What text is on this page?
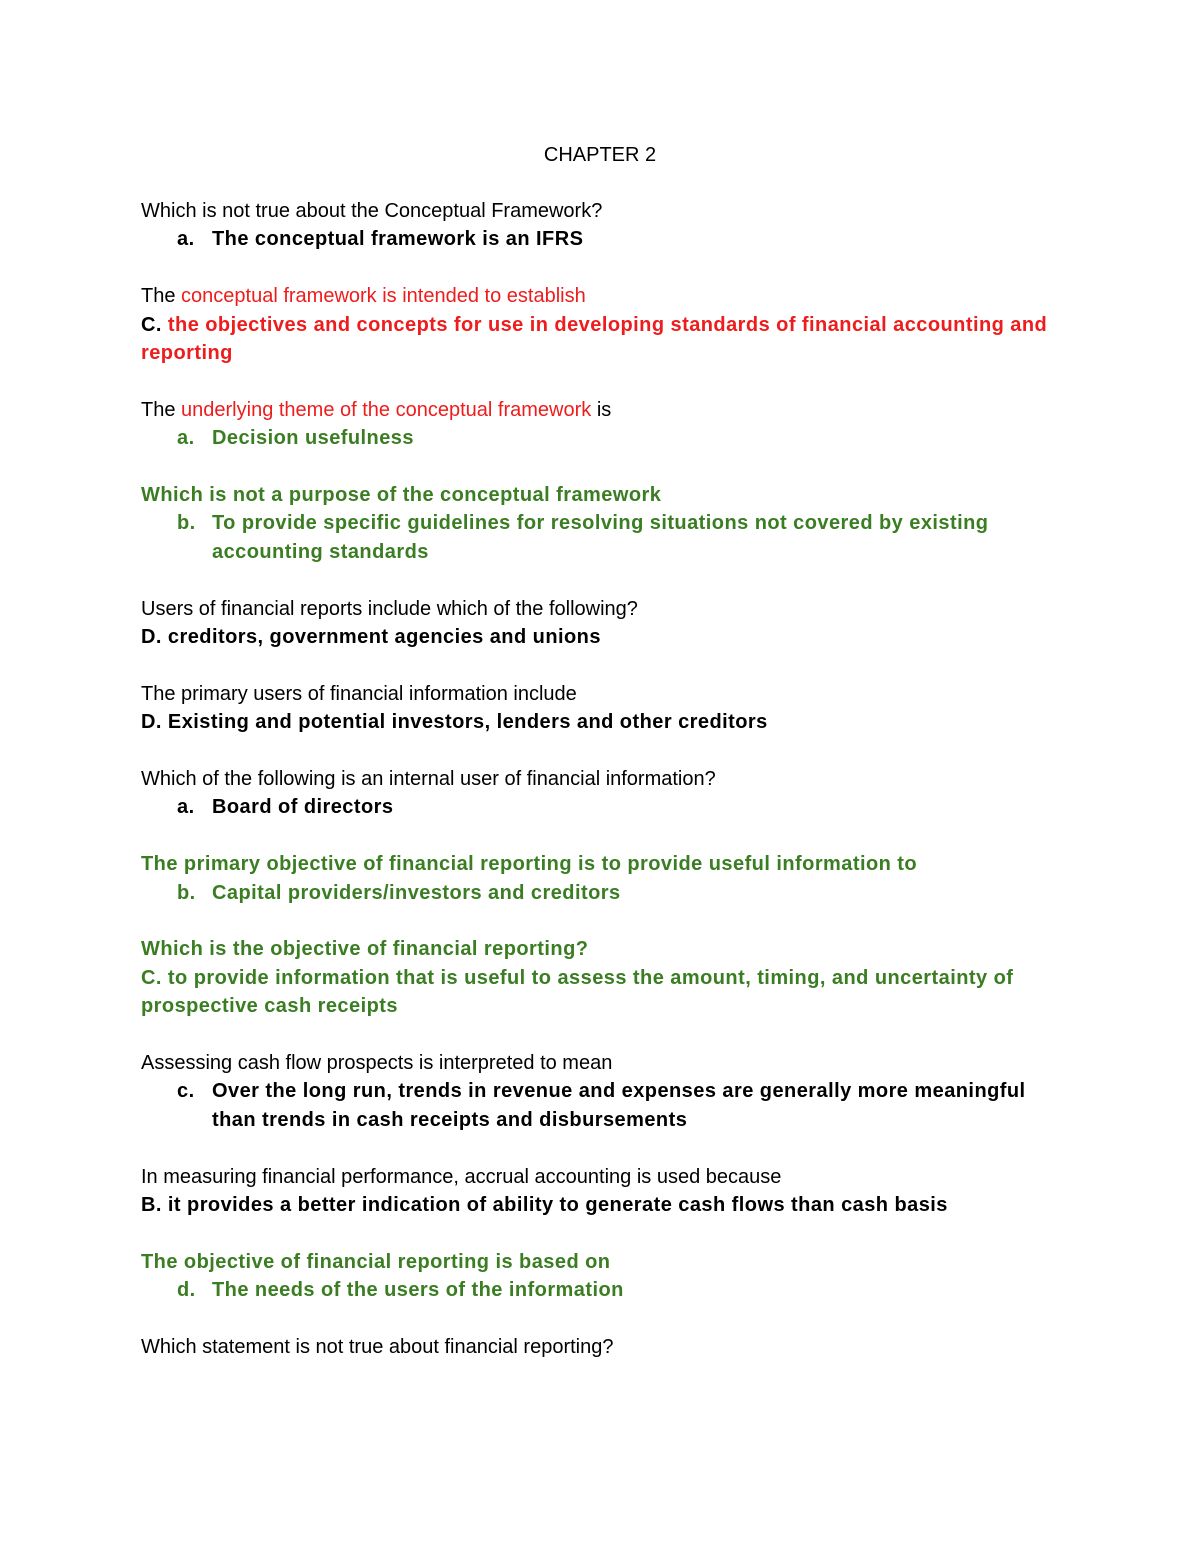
CHAPTER 2
Which is not true about the Conceptual Framework?
a. The conceptual framework is an IFRS
The conceptual framework is intended to establish
C. the objectives and concepts for use in developing standards of financial accounting and reporting
The underlying theme of the conceptual framework is
a. Decision usefulness
Which is not a purpose of the conceptual framework
b. To provide specific guidelines for resolving situations not covered by existing accounting standards
Users of financial reports include which of the following?
D. creditors, government agencies and unions
The primary users of financial information include
D. Existing and potential investors, lenders and other creditors
Which of the following is an internal user of financial information?
a. Board of directors
The primary objective of financial reporting is to provide useful information to
b. Capital providers/investors and creditors
Which is the objective of financial reporting?
C. to provide information that is useful to assess the amount, timing, and uncertainty of prospective cash receipts
Assessing cash flow prospects is interpreted to mean
c. Over the long run, trends in revenue and expenses are generally more meaningful than trends in cash receipts and disbursements
In measuring financial performance, accrual accounting is used because
B. it provides a better indication of ability to generate cash flows than cash basis
The objective of financial reporting is based on
d. The needs of the users of the information
Which statement is not true about financial reporting?
